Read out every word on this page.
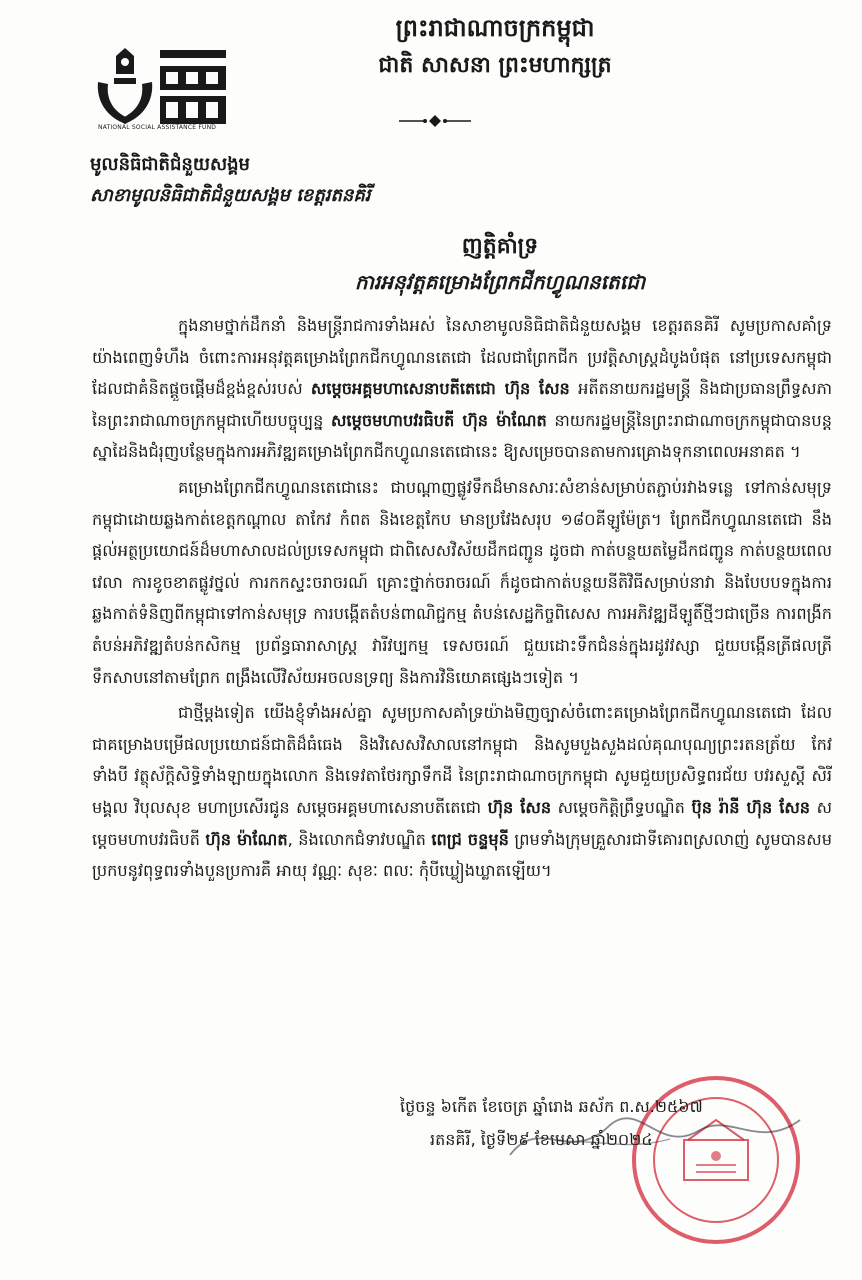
NATIONAL SOCIAL ASSISTANCE FUND
ព្រះរាជាណាចក្រកម្ពុជា
ជាតិ សាសនា ព្រះមហាក្សត្រ
មូលនិធិជាតិជំនួយសង្គម
សាខាមូលនិធិជាតិជំនួយសង្គម ខេត្តរតនគិរី
ញត្តិគាំទ្រ
ការអនុវត្តគម្រោងព្រែកជីកហ្វូណនតេជោ

ក្នុងនាមថ្នាក់ដឹកនាំ និងមន្ត្រីរាជការទាំងអស់ នៃសាខាមូលនិធិជាតិជំនួយសង្គម ខេត្តរតនគិរី សូមប្រកាសគាំទ្រយ៉ាងពេញទំហឹង ចំពោះការអនុវត្តគម្រោងព្រែកជីកហ្វូណនតេជោ ដែលជាព្រែកជីក ប្រវត្តិសាស្ត្រដំបូងបំផុត នៅប្រទេសកម្ពុជា ដែលជាគំនិតផ្តួចផ្តើមដ៏ខ្ពង់ខ្ពស់របស់ សម្តេចអគ្គមហាសេនាបតីតេជោ ហ៊ុន សែន អតីតនាយករដ្ឋមន្ត្រី និងជាប្រធានព្រឹទ្ធសភា នៃព្រះរាជាណាចក្រកម្ពុជាហើយបច្ចុប្បន្ន សម្តេចមហាបវរធិបតី ហ៊ុន ម៉ាណែត នាយករដ្ឋមន្ត្រីនៃព្រះរាជាណាចក្រកម្ពុជាបានបន្តស្នាដៃនិងជំរុញបន្ថែមក្នុងការអភិវឌ្ឍគម្រោងព្រែកជីកហ្វូណនតេជោនេះ ឱ្យសម្រេចបានតាមការគ្រោងទុកនាពេលអនាគត ។

គម្រោងព្រែកជីកហ្វូណនតេជោនេះ ជាបណ្តាញផ្លូវទឹកដ៏មានសារៈសំខាន់សម្រាប់តភ្ជាប់រវាងទន្លេ ទៅកាន់សមុទ្រកម្ពុជាដោយឆ្លងកាត់ខេត្តកណ្តាល តាកែវ កំពត និងខេត្តកែប មានប្រវែងសរុប ១៨០គីឡូម៉ែត្រ។ ព្រែកជីកហ្វូណនតេជោ នឹងផ្តល់អត្ថប្រយោជន៍ដ៏មហាសាលដល់ប្រទេសកម្ពុជា ជាពិសេសវិស័យដឹកជញ្ជូន ដូចជា កាត់បន្ថយតម្លៃដឹកជញ្ជូន កាត់បន្ថយពេលវេលា ការខូចខាតផ្លូវថ្នល់ ការកកស្ទះចរាចរណ៍ គ្រោះថ្នាក់ចរាចរណ៍ ក៏ដូចជាកាត់បន្ថយនីតិវិធីសម្រាប់នាវា និងបែបបទក្នុងការឆ្លងកាត់ទំនិញពីកម្ពុជាទៅកាន់សមុទ្រ ការបង្កើតតំបន់ពាណិជ្ជកម្ម តំបន់សេដ្ឋកិច្ចពិសេស ការអភិវឌ្ឍដីឡូតិ៍ថ្មីៗជាច្រើន ការពង្រីកតំបន់អភិវឌ្ឍតំបន់កសិកម្ម ប្រព័ន្ធធារាសាស្ត្រ វារីវប្បកម្ម ទេសចរណ៍ ជួយដោះទឹកជំនន់ក្នុងរដូវវស្សា ជួយបង្កើនត្រីផលត្រីទឹកសាបនៅតាមព្រែក ពង្រឹងលើវិស័យអចលនទ្រព្យ និងការវិនិយោគផ្សេងៗទៀត ។

ជាថ្មីម្តងទៀត យើងខ្ញុំទាំងអស់គ្នា សូមប្រកាសគាំទ្រយ៉ាងមិញច្បាស់ចំពោះគម្រោងព្រែកជីកហ្វូណនតេជោ ដែលជាគម្រោងបម្រើផលប្រយោជន៍ជាតិដ៏ធំធេង និងវិសេសវិសាលនៅកម្ពុជា និងសូមបួងសួងដល់គុណបុណ្យព្រះរតនត្រ័យ កែវទាំងបី វត្ថុស័ក្តិសិទ្ធិទាំងឡាយក្នុងលោក និងទេវតាថែរក្សាទឹកដី នៃព្រះរាជាណាចក្រកម្ពុជា សូមជួយប្រសិទ្ធពរជ័យ បវរសួស្តី សិរីមង្គល វិបុលសុខ មហាប្រសើរជូន សម្តេចអគ្គមហាសេនាបតីតេជោ ហ៊ុន សែន សម្តេចកិត្តិព្រឹទ្ធបណ្ឌិត ប៊ុន រ៉ានី ហ៊ុន សែន សម្តេចមហាបវរធិបតី ហ៊ុន ម៉ាណែត, និងលោកជំទាវបណ្ឌិត ពេជ្រ ចន្ទមុនី ព្រមទាំងក្រុមគ្រួសារជាទីគោរពស្រលាញ់ សូមបានសមប្រកបនូវពុទ្ធពរទាំងបួនប្រការគឺ អាយុ វណ្ណៈ សុខៈ ពលៈ កុំបីឃ្លៀងឃ្លាតឡើយ។

ថ្ងៃចន្ទ ៦កើត ខែចេត្រ ឆ្នាំរោង ឆស័ក ព.ស.២៥៦៧
រតនគិរី, ថ្ងៃទី២៩ ខែមេសា ឆ្នាំ២០២៤
